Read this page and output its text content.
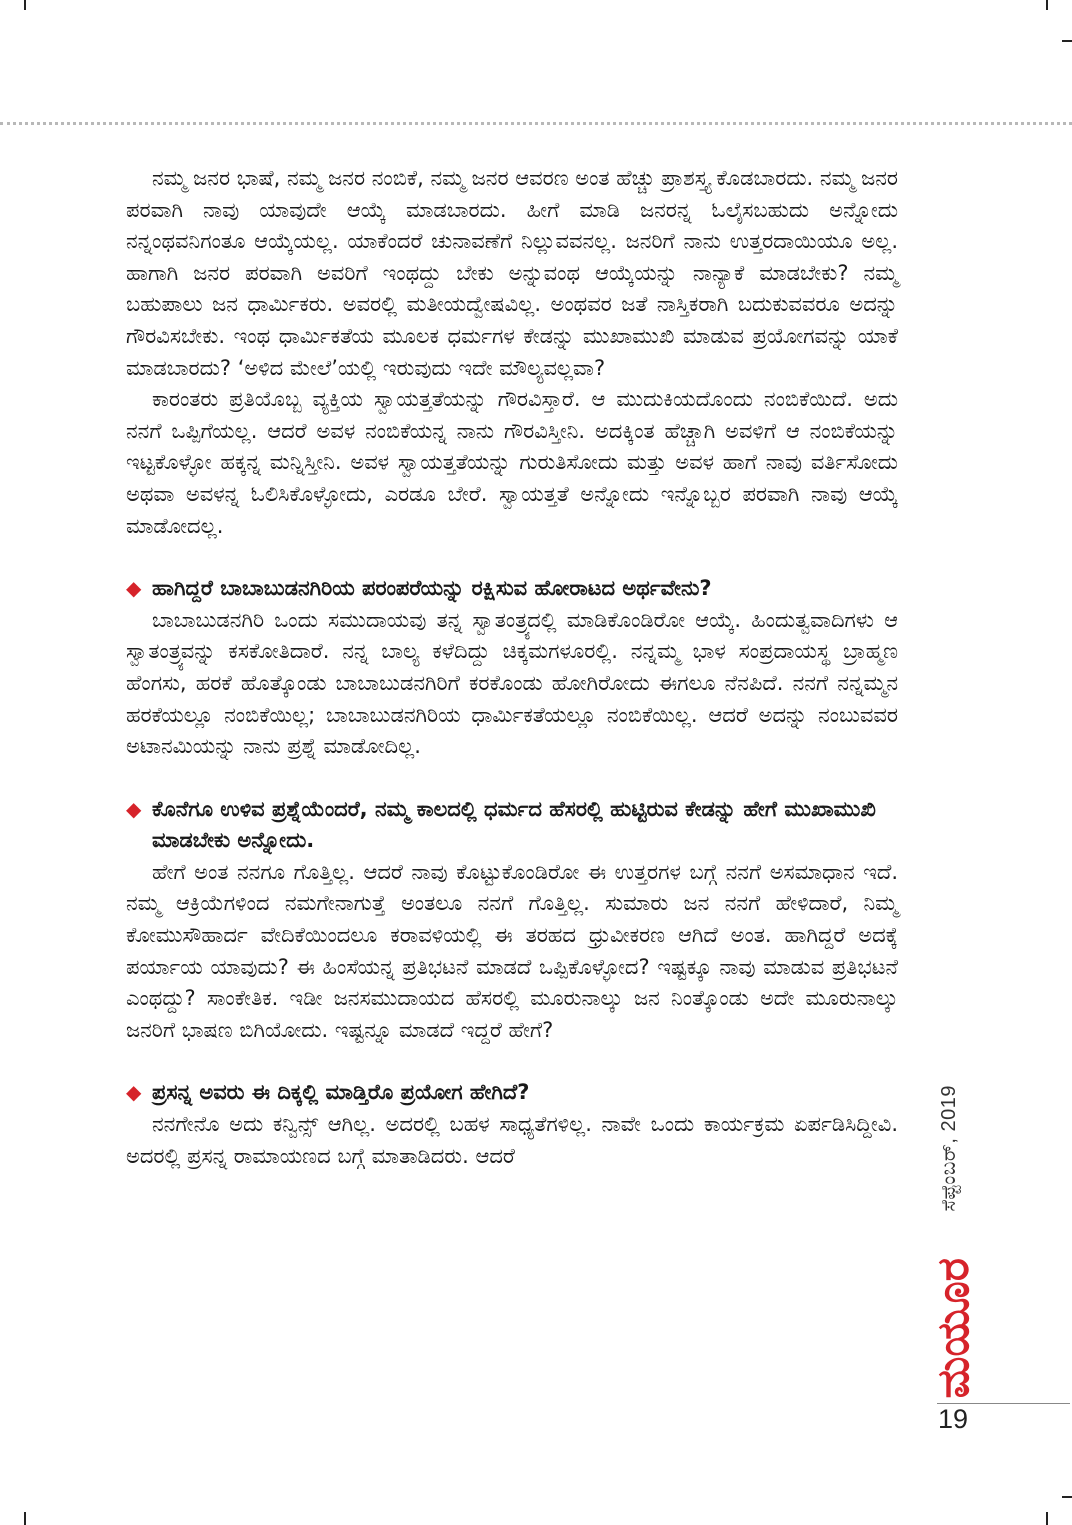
ನಮ್ಮ ಜನರ ಭಾಷೆ, ನಮ್ಮ ಜನರ ನಂಬಿಕೆ, ನಮ್ಮ ಜನರ ಆವರಣ ಅಂತ ಹೆಚ್ಚು ಪ್ರಾಶಸ್ತ್ಯ ಕೊಡಬಾರದು. ನಮ್ಮ ಜನರ ಪರವಾಗಿ ನಾವು ಯಾವುದೇ ಆಯ್ಕೆ ಮಾಡಬಾರದು. ಹೀಗೆ ಮಾಡಿ ಜನರನ್ನ ಓಲೈಸಬಹುದು ಅನ್ನೋದು ನನ್ನಂಥವನಿಗಂತೂ ಆಯ್ಕೆಯಲ್ಲ. ಯಾಕೆಂದರೆ ಚುನಾವಣೆಗೆ ನಿಲ್ಲುವವನಲ್ಲ. ಜನರಿಗೆ ನಾನು ಉತ್ತರದಾಯಿಯೂ ಅಲ್ಲ. ಹಾಗಾಗಿ ಜನರ ಪರವಾಗಿ ಅವರಿಗೆ ಇಂಥದ್ದು ಬೇಕು ಅನ್ನುವಂಥ ಆಯ್ಕೆಯನ್ನು ನಾನ್ಯಾಕೆ ಮಾಡಬೇಕು? ನಮ್ಮ ಬಹುಪಾಲು ಜನ ಧಾರ್ಮಿಕರು. ಅವರಲ್ಲಿ ಮತೀಯದ್ವೇಷವಿಲ್ಲ. ಅಂಥವರ ಜತೆ ನಾಸ್ತಿಕರಾಗಿ ಬದುಕುವವರೂ ಅದನ್ನು ಗೌರವಿಸಬೇಕು. ಇಂಥ ಧಾರ್ಮಿಕತೆಯ ಮೂಲಕ ಧರ್ಮಗಳ ಕೇಡನ್ನು ಮುಖಾಮುಖಿ ಮಾಡುವ ಪ್ರಯೋಗವನ್ನು ಯಾಕೆ ಮಾಡಬಾರದು? ‘ಅಳಿದ ಮೇಲೆ’ಯಲ್ಲಿ ಇರುವುದು ಇದೇ ಮೌಲ್ಯವಲ್ಲವಾ?

ಕಾರಂತರು ಪ್ರತಿಯೊಬ್ಬ ವ್ಯಕ್ತಿಯ ಸ್ವಾಯತ್ತತೆಯನ್ನು ಗೌರವಿಸ್ತಾರೆ. ಆ ಮುದುಕಿಯದೊಂದು ನಂಬಿಕೆಯಿದೆ. ಅದು ನನಗೆ ಒಪ್ಪಿಗೆಯಲ್ಲ. ಆದರೆ ಅವಳ ನಂಬಿಕೆಯನ್ನ ನಾನು ಗೌರವಿಸ್ತೀನಿ. ಅದಕ್ಕಿಂತ ಹೆಚ್ಚಾಗಿ ಅವಳಿಗೆ ಆ ನಂಬಿಕೆಯನ್ನು ಇಟ್ಟಕೊಳ್ಳೋ ಹಕ್ಕನ್ನ ಮನ್ನಿಸ್ತೀನಿ. ಅವಳ ಸ್ವಾಯತ್ತತೆಯನ್ನು ಗುರುತಿಸೋದು ಮತ್ತು ಅವಳ ಹಾಗೆ ನಾವು ವರ್ತಿಸೋದು ಅಥವಾ ಅವಳನ್ನ ಓಲಿಸಿಕೊಳ್ಳೋದು, ಎರಡೂ ಬೇರೆ. ಸ್ವಾಯತ್ತತೆ ಅನ್ನೋದು ಇನ್ನೊಬ್ಬರ ಪರವಾಗಿ ನಾವು ಆಯ್ಕೆ ಮಾಡೋದಲ್ಲ.

◆ ಹಾಗಿದ್ದರೆ ಬಾಬಾಬುಡನಗಿರಿಯ ಪರಂಪರೆಯನ್ನು ರಕ್ಷಿಸುವ ಹೋರಾಟದ ಅರ್ಥವೇನು?

ಬಾಬಾಬುಡನಗಿರಿ ಒಂದು ಸಮುದಾಯವು ತನ್ನ ಸ್ವಾತಂತ್ರ್ಯದಲ್ಲಿ ಮಾಡಿಕೊಂಡಿರೋ ಆಯ್ಕೆ. ಹಿಂದುತ್ವವಾದಿಗಳು ಆ ಸ್ವಾತಂತ್ರ್ಯವನ್ನು ಕಸಕೋತಿದಾರೆ. ನನ್ನ ಬಾಲ್ಯ ಕಳೆದಿದ್ದು ಚಿಕ್ಕಮಗಳೂರಲ್ಲಿ. ನನ್ನಮ್ಮ ಭಾಳ ಸಂಪ್ರದಾಯಸ್ಥ ಬ್ರಾಹ್ಮಣ ಹೆಂಗಸು, ಹರಕೆ ಹೊತ್ಕೊಂಡು ಬಾಬಾಬುಡನಗಿರಿಗೆ ಕರಕೊಂಡು ಹೋಗಿರೋದು ಈಗಲೂ ನೆನಪಿದೆ. ನನಗೆ ನನ್ನಮ್ಮನ ಹರಕೆಯಲ್ಲೂ ನಂಬಿಕೆಯಿಲ್ಲ; ಬಾಬಾಬುಡನಗಿರಿಯ ಧಾರ್ಮಿಕತೆಯಲ್ಲೂ ನಂಬಿಕೆಯಿಲ್ಲ. ಆದರೆ ಅದನ್ನು ನಂಬುವವರ ಅಟಾನಮಿಯನ್ನು ನಾನು ಪ್ರಶ್ನೆ ಮಾಡೋದಿಲ್ಲ.

◆ ಕೊನೆಗೂ ಉಳಿವ ಪ್ರಶ್ನೆಯೆಂದರೆ, ನಮ್ಮ ಕಾಲದಲ್ಲಿ ಧರ್ಮದ ಹೆಸರಲ್ಲಿ ಹುಟ್ಟಿರುವ ಕೇಡನ್ನು ಹೇಗೆ ಮುಖಾಮುಖಿ ಮಾಡಬೇಕು ಅನ್ನೋದು.

ಹೇಗೆ ಅಂತ ನನಗೂ ಗೊತ್ತಿಲ್ಲ. ಆದರೆ ನಾವು ಕೊಟ್ಟುಕೊಂಡಿರೋ ಈ ಉತ್ತರಗಳ ಬಗ್ಗೆ ನನಗೆ ಅಸಮಾಧಾನ ಇದೆ. ನಮ್ಮ ಆಕ್ರಿಯೆಗಳಿಂದ ನಮಗೇನಾಗುತ್ತೆ ಅಂತಲೂ ನನಗೆ ಗೊತ್ತಿಲ್ಲ. ಸುಮಾರು ಜನ ನನಗೆ ಹೇಳಿದಾರೆ, ನಿಮ್ಮ ಕೋಮುಸೌಹಾರ್ದ ವೇದಿಕೆಯಿಂದಲೂ ಕರಾವಳಿಯಲ್ಲಿ ಈ ತರಹದ ಧ್ರುವೀಕರಣ ಆಗಿದೆ ಅಂತ. ಹಾಗಿದ್ದರೆ ಅದಕ್ಕೆ ಪರ್ಯಾಯ ಯಾವುದು? ಈ ಹಿಂಸೆಯನ್ನ ಪ್ರತಿಭಟನೆ ಮಾಡದೆ ಒಪ್ಪಿಕೊಳ್ಳೋದ? ಇಷ್ಟಕ್ಕೂ ನಾವು ಮಾಡುವ ಪ್ರತಿಭಟನೆ ಎಂಥದ್ದು? ಸಾಂಕೇತಿಕ. ಇಡೀ ಜನಸಮುದಾಯದ ಹೆಸರಲ್ಲಿ ಮೂರುನಾಲ್ಕು ಜನ ನಿಂತ್ಕೊಂಡು ಅದೇ ಮೂರುನಾಲ್ಕು ಜನರಿಗೆ ಭಾಷಣ ಬಿಗಿಯೋದು. ಇಷ್ಟನ್ನೂ ಮಾಡದೆ ಇದ್ದರೆ ಹೇಗೆ?

◆ ಪ್ರಸನ್ನ ಅವರು ಈ ದಿಕ್ಕಲ್ಲಿ ಮಾಡ್ತಿರೊ ಪ್ರಯೋಗ ಹೇಗಿದೆ?

ನನಗೇನೊ ಅದು ಕನ್ವಿನ್ಸ್ ಆಗಿಲ್ಲ. ಅದರಲ್ಲಿ ಬಹಳ ಸಾಧ್ಯತೆಗಳಿಲ್ಲ. ನಾವೇ ಒಂದು ಕಾರ್ಯಕ್ರಮ ಏರ್ಪಡಿಸಿದ್ದೀವಿ. ಅದರಲ್ಲಿ ಪ್ರಸನ್ನ ರಾಮಾಯಣದ ಬಗ್ಗೆ ಮಾತಾಡಿದರು. ಆದರೆ	ಸೆಪ್ಟೆಂಬರ್, 2019
ಮಯೂರ
19
